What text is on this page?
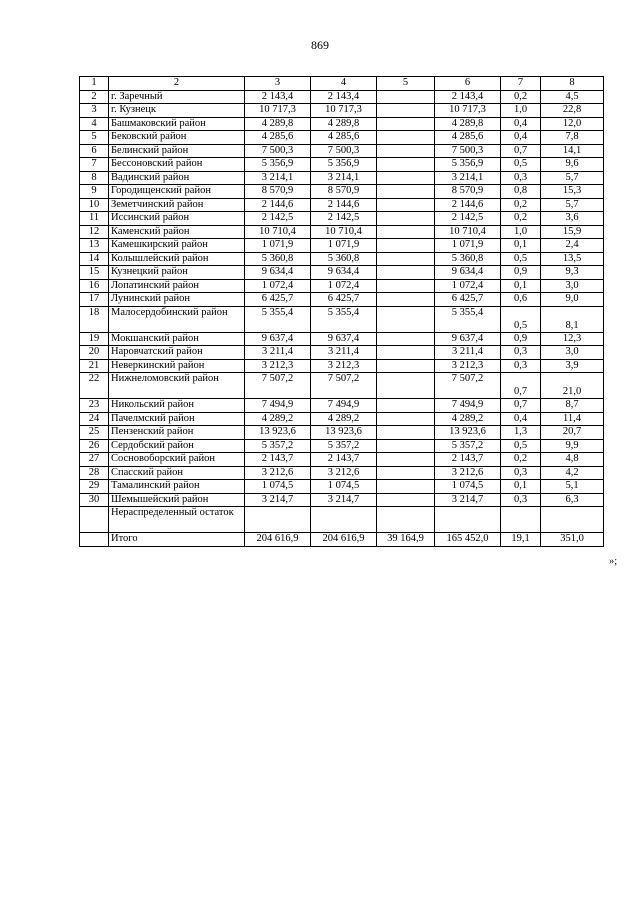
869
1	2	3	4	5	6	7	8
2	г. Заречный	2 143,4	2 143,4		2 143,4	0,2	4,5
3	г. Кузнецк	10 717,3	10 717,3		10 717,3	1,0	22,8
4	Башмаковский район	4 289,8	4 289,8		4 289,8	0,4	12,0
5	Бековский район	4 285,6	4 285,6		4 285,6	0,4	7,8
6	Белинский район	7 500,3	7 500,3		7 500,3	0,7	14,1
7	Бессоновский район	5 356,9	5 356,9		5 356,9	0,5	9,6
8	Вадинский район	3 214,1	3 214,1		3 214,1	0,3	5,7
9	Городищенский район	8 570,9	8 570,9		8 570,9	0,8	15,3
10	Земетчинский район	2 144,6	2 144,6		2 144,6	0,2	5,7
11	Иссинский район	2 142,5	2 142,5		2 142,5	0,2	3,6
12	Каменский район	10 710,4	10 710,4		10 710,4	1,0	15,9
13	Камешкирский район	1 071,9	1 071,9		1 071,9	0,1	2,4
14	Колышлейский район	5 360,8	5 360,8		5 360,8	0,5	13,5
15	Кузнецкий район	9 634,4	9 634,4		9 634,4	0,9	9,3
16	Лопатинский район	1 072,4	1 072,4		1 072,4	0,1	3,0
17	Лунинский район	6 425,7	6 425,7		6 425,7	0,6	9,0
18	Малосердобинский район	5 355,4	5 355,4		5 355,4	0,5	8,1
19	Мокшанский район	9 637,4	9 637,4		9 637,4	0,9	12,3
20	Наровчатский район	3 211,4	3 211,4		3 211,4	0,3	3,0
21	Неверкинский район	3 212,3	3 212,3		3 212,3	0,3	3,9
22	Нижнеломовский район	7 507,2	7 507,2		7 507,2	0,7	21,0
23	Никольский район	7 494,9	7 494,9		7 494,9	0,7	8,7
24	Пачелмский район	4 289,2	4 289,2		4 289,2	0,4	11,4
25	Пензенский район	13 923,6	13 923,6		13 923,6	1,3	20,7
26	Сердобский район	5 357,2	5 357,2		5 357,2	0,5	9,9
27	Сосновоборский район	2 143,7	2 143,7		2 143,7	0,2	4,8
28	Спасский район	3 212,6	3 212,6		3 212,6	0,3	4,2
29	Тамалинский район	1 074,5	1 074,5		1 074,5	0,1	5,1
30	Шемышейский район	3 214,7	3 214,7		3 214,7	0,3	6,3
	Нераспределенный остаток						
	Итого	204 616,9	204 616,9	39 164,9	165 452,0	19,1	351,0
»;
